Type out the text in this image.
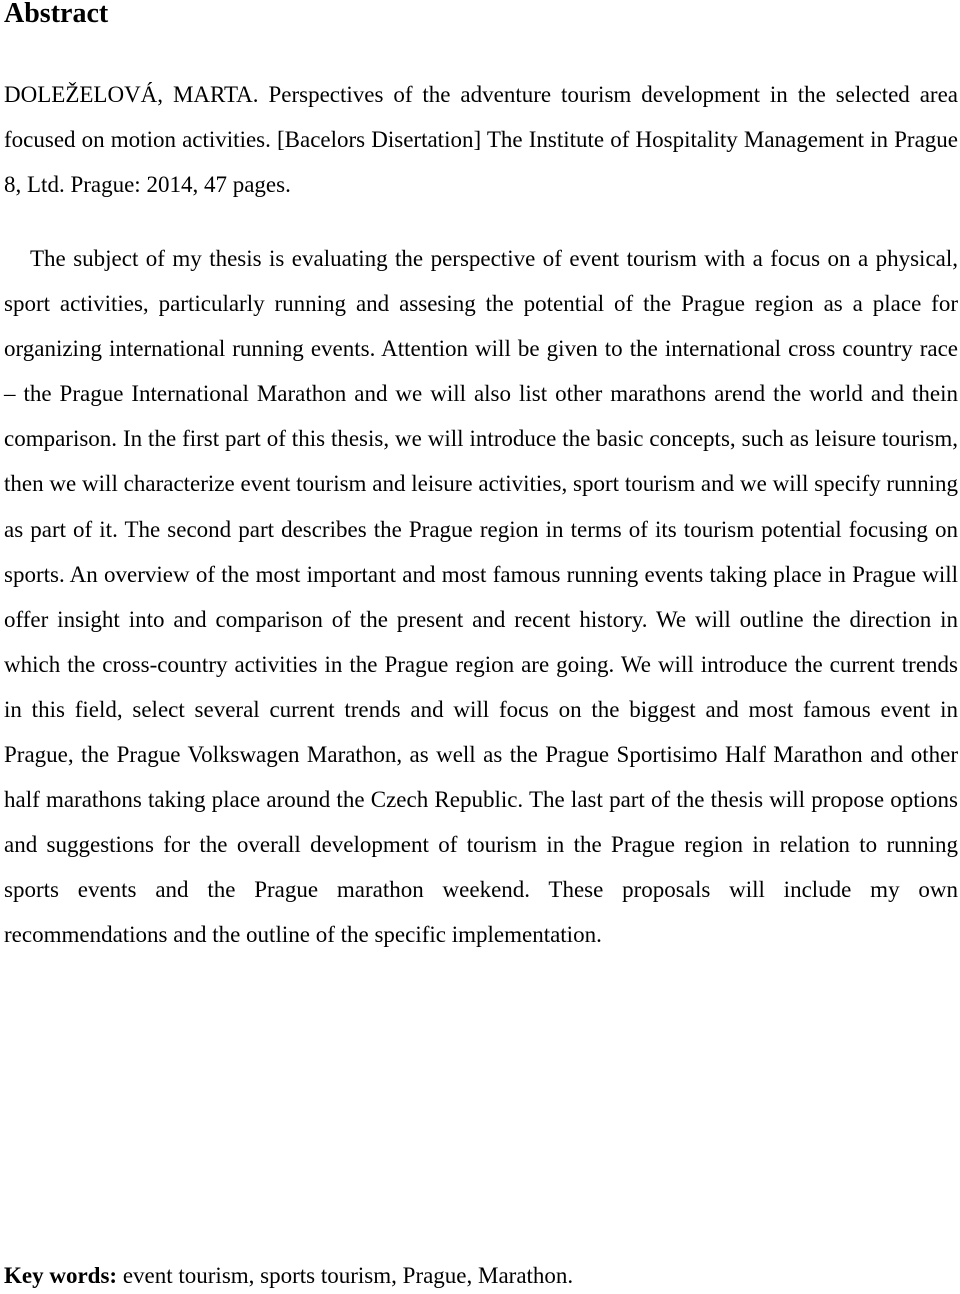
Abstract

DOLEŽELOVÁ, MARTA. Perspectives of the adventure tourism development in the selected area focused on motion activities. [Bacelors Disertation] The Institute of Hospitality Management in Prague 8, Ltd. Prague: 2014, 47 pages.

The subject of my thesis is evaluating the perspective of event tourism with a focus on a physical, sport activities, particularly running and assesing the potential of the Prague region as a place for organizing international running events. Attention will be given to the international cross country race – the Prague International Marathon and we will also list other marathons arend the world and thein comparison. In the first part of this thesis, we will introduce the basic concepts, such as leisure tourism, then we will characterize event tourism and leisure activities, sport tourism and we will specify running as part of it. The second part describes the Prague region in terms of its tourism potential focusing on sports. An overview of the most important and most famous running events taking place in Prague will offer insight into and comparison of the present and recent history. We will outline the direction in which the cross-country activities in the Prague region are going. We will introduce the current trends in this field, select several current trends and will focus on the biggest and most famous event in Prague, the Prague Volkswagen Marathon, as well as the Prague Sportisimo Half Marathon and other half marathons taking place around the Czech Republic. The last part of the thesis will propose options and suggestions for the overall development of tourism in the Prague region in relation to running sports events and the Prague marathon weekend. These proposals will include my own recommendations and the outline of the specific implementation.

Key words: event tourism, sports tourism, Prague, Marathon.
